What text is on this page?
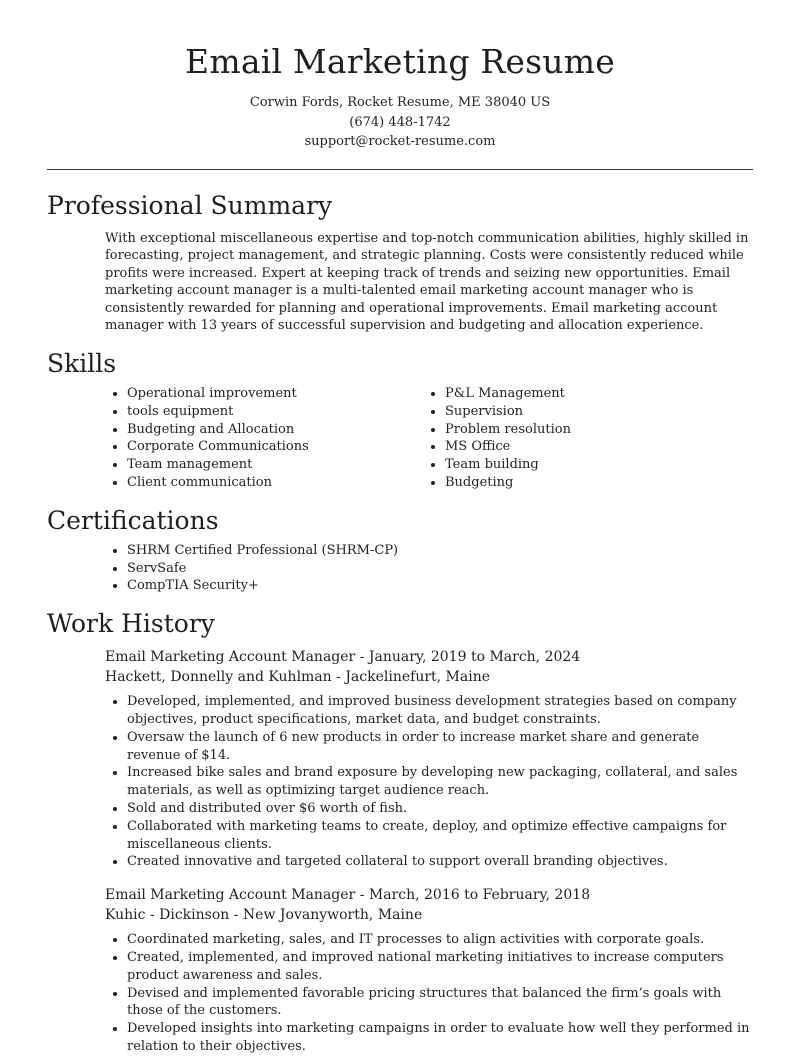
Email Marketing Resume
Corwin Fords, Rocket Resume, ME 38040 US
(674) 448-1742
support@rocket-resume.com
Professional Summary
With exceptional miscellaneous expertise and top-notch communication abilities, highly skilled in forecasting, project management, and strategic planning. Costs were consistently reduced while profits were increased. Expert at keeping track of trends and seizing new opportunities. Email marketing account manager is a multi-talented email marketing account manager who is consistently rewarded for planning and operational improvements. Email marketing account manager with 13 years of successful supervision and budgeting and allocation experience.
Skills
• Operational improvement
• tools equipment
• Budgeting and Allocation
• Corporate Communications
• Team management
• Client communication
• P&L Management
• Supervision
• Problem resolution
• MS Office
• Team building
• Budgeting
Certifications
• SHRM Certified Professional (SHRM-CP)
• ServSafe
• CompTIA Security+
Work History
Email Marketing Account Manager - January, 2019 to March, 2024
Hackett, Donnelly and Kuhlman - Jackelinefurt, Maine
• Developed, implemented, and improved business development strategies based on company objectives, product specifications, market data, and budget constraints.
• Oversaw the launch of 6 new products in order to increase market share and generate revenue of $14.
• Increased bike sales and brand exposure by developing new packaging, collateral, and sales materials, as well as optimizing target audience reach.
• Sold and distributed over $6 worth of fish.
• Collaborated with marketing teams to create, deploy, and optimize effective campaigns for miscellaneous clients.
• Created innovative and targeted collateral to support overall branding objectives.
Email Marketing Account Manager - March, 2016 to February, 2018
Kuhic - Dickinson - New Jovanyworth, Maine
• Coordinated marketing, sales, and IT processes to align activities with corporate goals.
• Created, implemented, and improved national marketing initiatives to increase computers product awareness and sales.
• Devised and implemented favorable pricing structures that balanced the firm’s goals with those of the customers.
• Developed insights into marketing campaigns in order to evaluate how well they performed in relation to their objectives.
